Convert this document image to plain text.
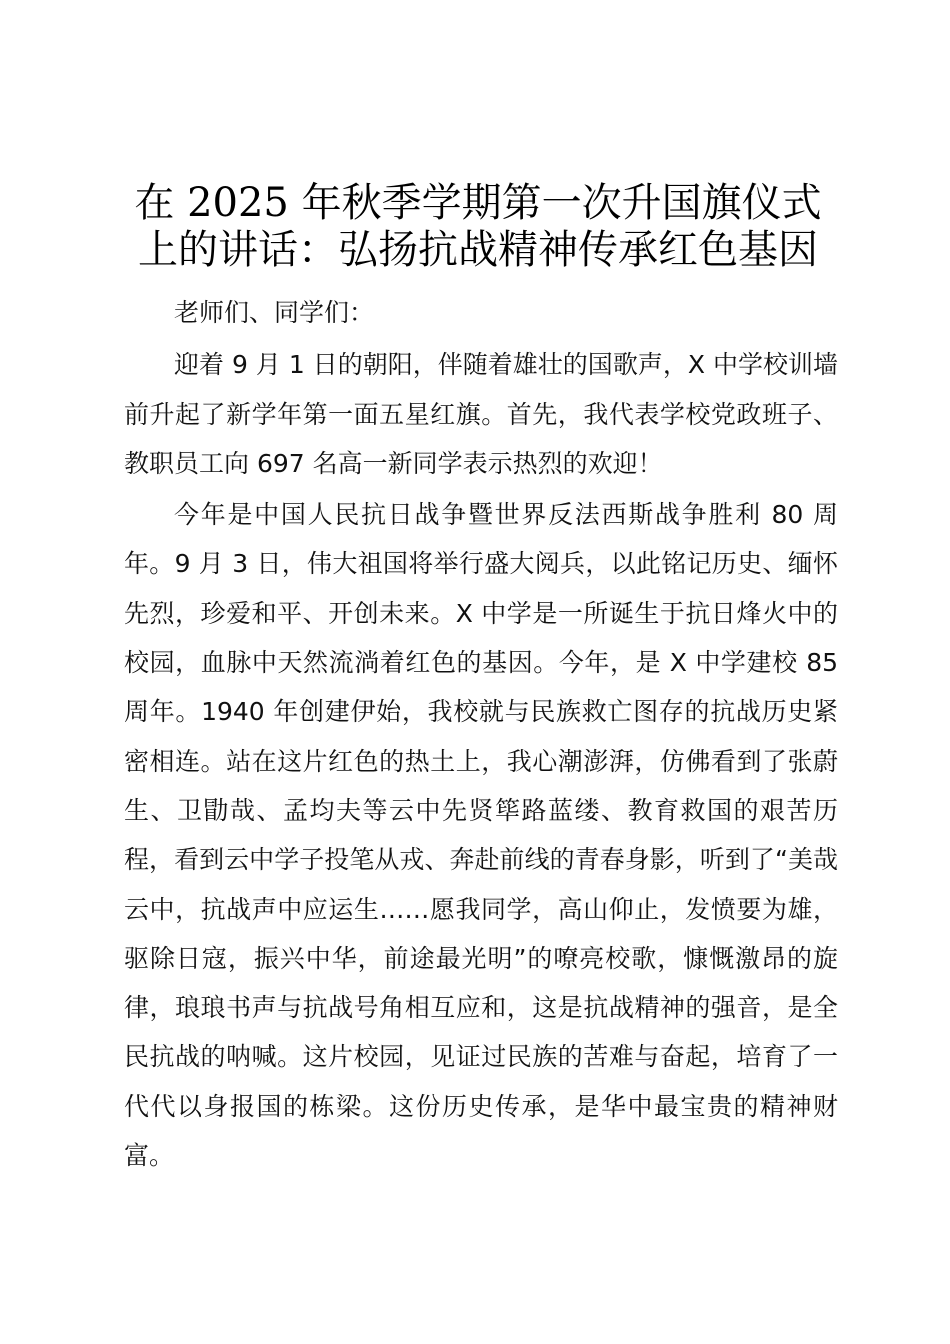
在 2025 年秋季学期第一次升国旗仪式上的讲话：弘扬抗战精神传承红色基因

老师们、同学们：

迎着 9 月 1 日的朝阳，伴随着雄壮的国歌声，X 中学校训墙前升起了新学年第一面五星红旗。首先，我代表学校党政班子、教职员工向 697 名高一新同学表示热烈的欢迎！

今年是中国人民抗日战争暨世界反法西斯战争胜利 80 周年。9 月 3 日，伟大祖国将举行盛大阅兵，以此铭记历史、缅怀先烈，珍爱和平、开创未来。X 中学是一所诞生于抗日烽火中的校园，血脉中天然流淌着红色的基因。今年，是 X 中学建校 85 周年。1940 年创建伊始，我校就与民族救亡图存的抗战历史紧密相连。站在这片红色的热土上，我心潮澎湃，仿佛看到了张蔚生、卫勖哉、孟均夫等云中先贤筚路蓝缕、教育救国的艰苦历程，看到云中学子投笔从戎、奔赴前线的青春身影，听到了“美哉云中，抗战声中应运生……愿我同学，高山仰止，发愤要为雄，驱除日寇，振兴中华，前途最光明”的嘹亮校歌，慷慨激昂的旋律，琅琅书声与抗战号角相互应和，这是抗战精神的强音，是全民抗战的呐喊。这片校园，见证过民族的苦难与奋起，培育了一代代以身报国的栋梁。这份历史传承，是华中最宝贵的精神财富。
